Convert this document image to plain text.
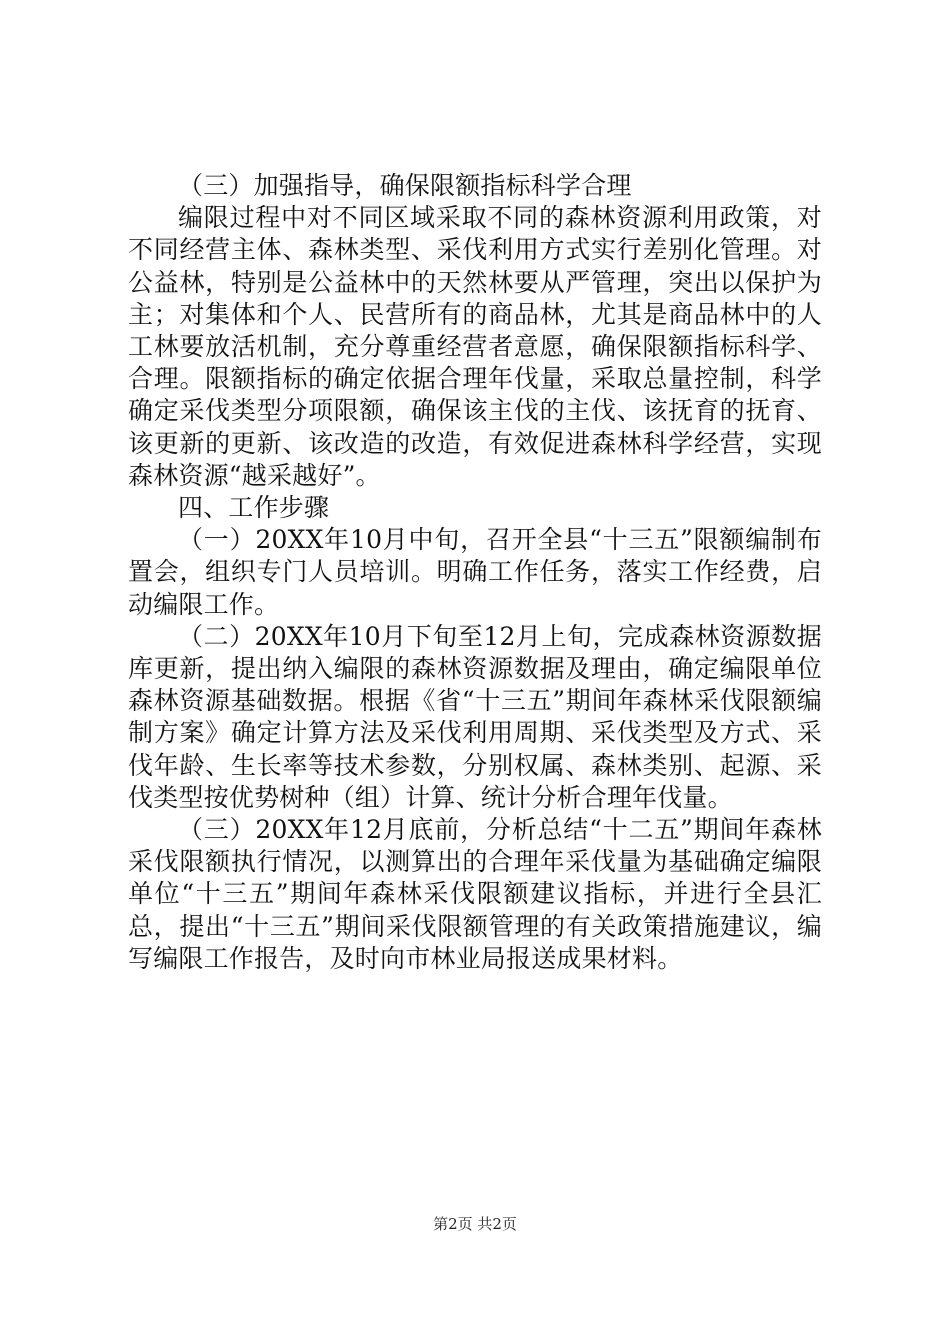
（三）加强指导，确保限额指标科学合理

编限过程中对不同区域采取不同的森林资源利用政策，对不同经营主体、森林类型、采伐利用方式实行差别化管理。对公益林，特别是公益林中的天然林要从严管理，突出以保护为主；对集体和个人、民营所有的商品林，尤其是商品林中的人工林要放活机制，充分尊重经营者意愿，确保限额指标科学、合理。限额指标的确定依据合理年伐量，采取总量控制，科学确定采伐类型分项限额，确保该主伐的主伐、该抚育的抚育、该更新的更新、该改造的改造，有效促进森林科学经营，实现森林资源“越采越好”。

四、工作步骤

（一）20XX年10月中旬，召开全县“十三五”限额编制布置会，组织专门人员培训。明确工作任务，落实工作经费，启动编限工作。

（二）20XX年10月下旬至12月上旬，完成森林资源数据库更新，提出纳入编限的森林资源数据及理由，确定编限单位森林资源基础数据。根据《省“十三五”期间年森林采伐限额编制方案》确定计算方法及采伐利用周期、采伐类型及方式、采伐年龄、生长率等技术参数，分别权属、森林类别、起源、采伐类型按优势树种（组）计算、统计分析合理年伐量。

（三）20XX年12月底前，分析总结“十二五”期间年森林采伐限额执行情况，以测算出的合理年采伐量为基础确定编限单位“十三五”期间年森林采伐限额建议指标，并进行全县汇总，提出“十三五”期间采伐限额管理的有关政策措施建议，编写编限工作报告，及时向市林业局报送成果材料。

第2页 共2页
